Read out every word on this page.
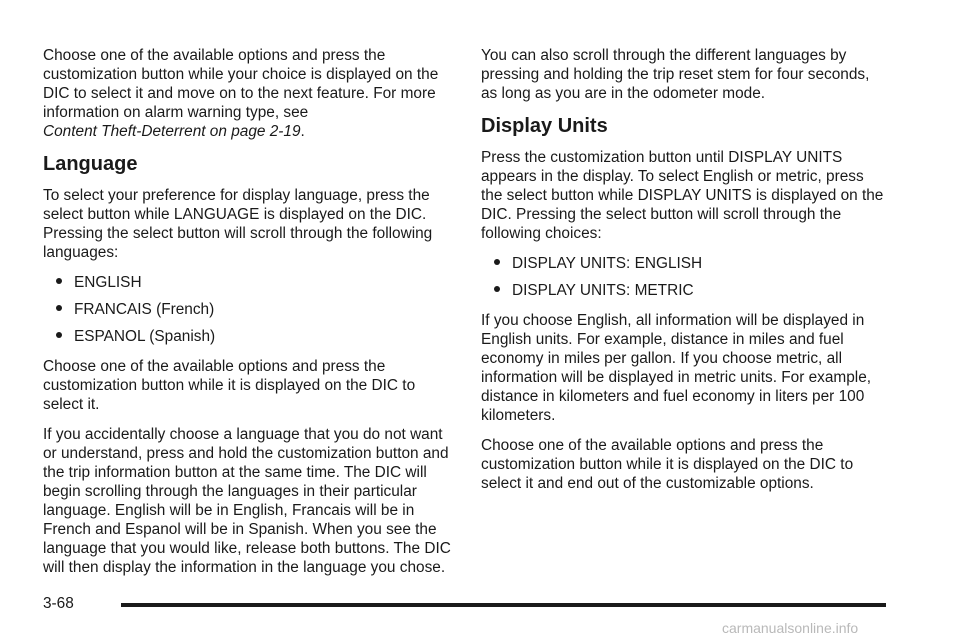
Choose one of the available options and press the customization button while your choice is displayed on the DIC to select it and move on to the next feature. For more information on alarm warning type, see
Content Theft-Deterrent on page 2-19.

Language

To select your preference for display language, press the select button while LANGUAGE is displayed on the DIC. Pressing the select button will scroll through the following languages:

ENGLISH
FRANCAIS (French)
ESPANOL (Spanish)

Choose one of the available options and press the customization button while it is displayed on the DIC to select it.

If you accidentally choose a language that you do not want or understand, press and hold the customization button and the trip information button at the same time. The DIC will begin scrolling through the languages in their particular language. English will be in English, Francais will be in French and Espanol will be in Spanish. When you see the language that you would like, release both buttons. The DIC will then display the information in the language you chose.

You can also scroll through the different languages by pressing and holding the trip reset stem for four seconds, as long as you are in the odometer mode.

Display Units

Press the customization button until DISPLAY UNITS appears in the display. To select English or metric, press the select button while DISPLAY UNITS is displayed on the DIC. Pressing the select button will scroll through the following choices:

DISPLAY UNITS: ENGLISH
DISPLAY UNITS: METRIC

If you choose English, all information will be displayed in English units. For example, distance in miles and fuel economy in miles per gallon. If you choose metric, all information will be displayed in metric units. For example, distance in kilometers and fuel economy in liters per 100 kilometers.

Choose one of the available options and press the customization button while it is displayed on the DIC to select it and end out of the customizable options.

3-68
carmanualsonline.info
